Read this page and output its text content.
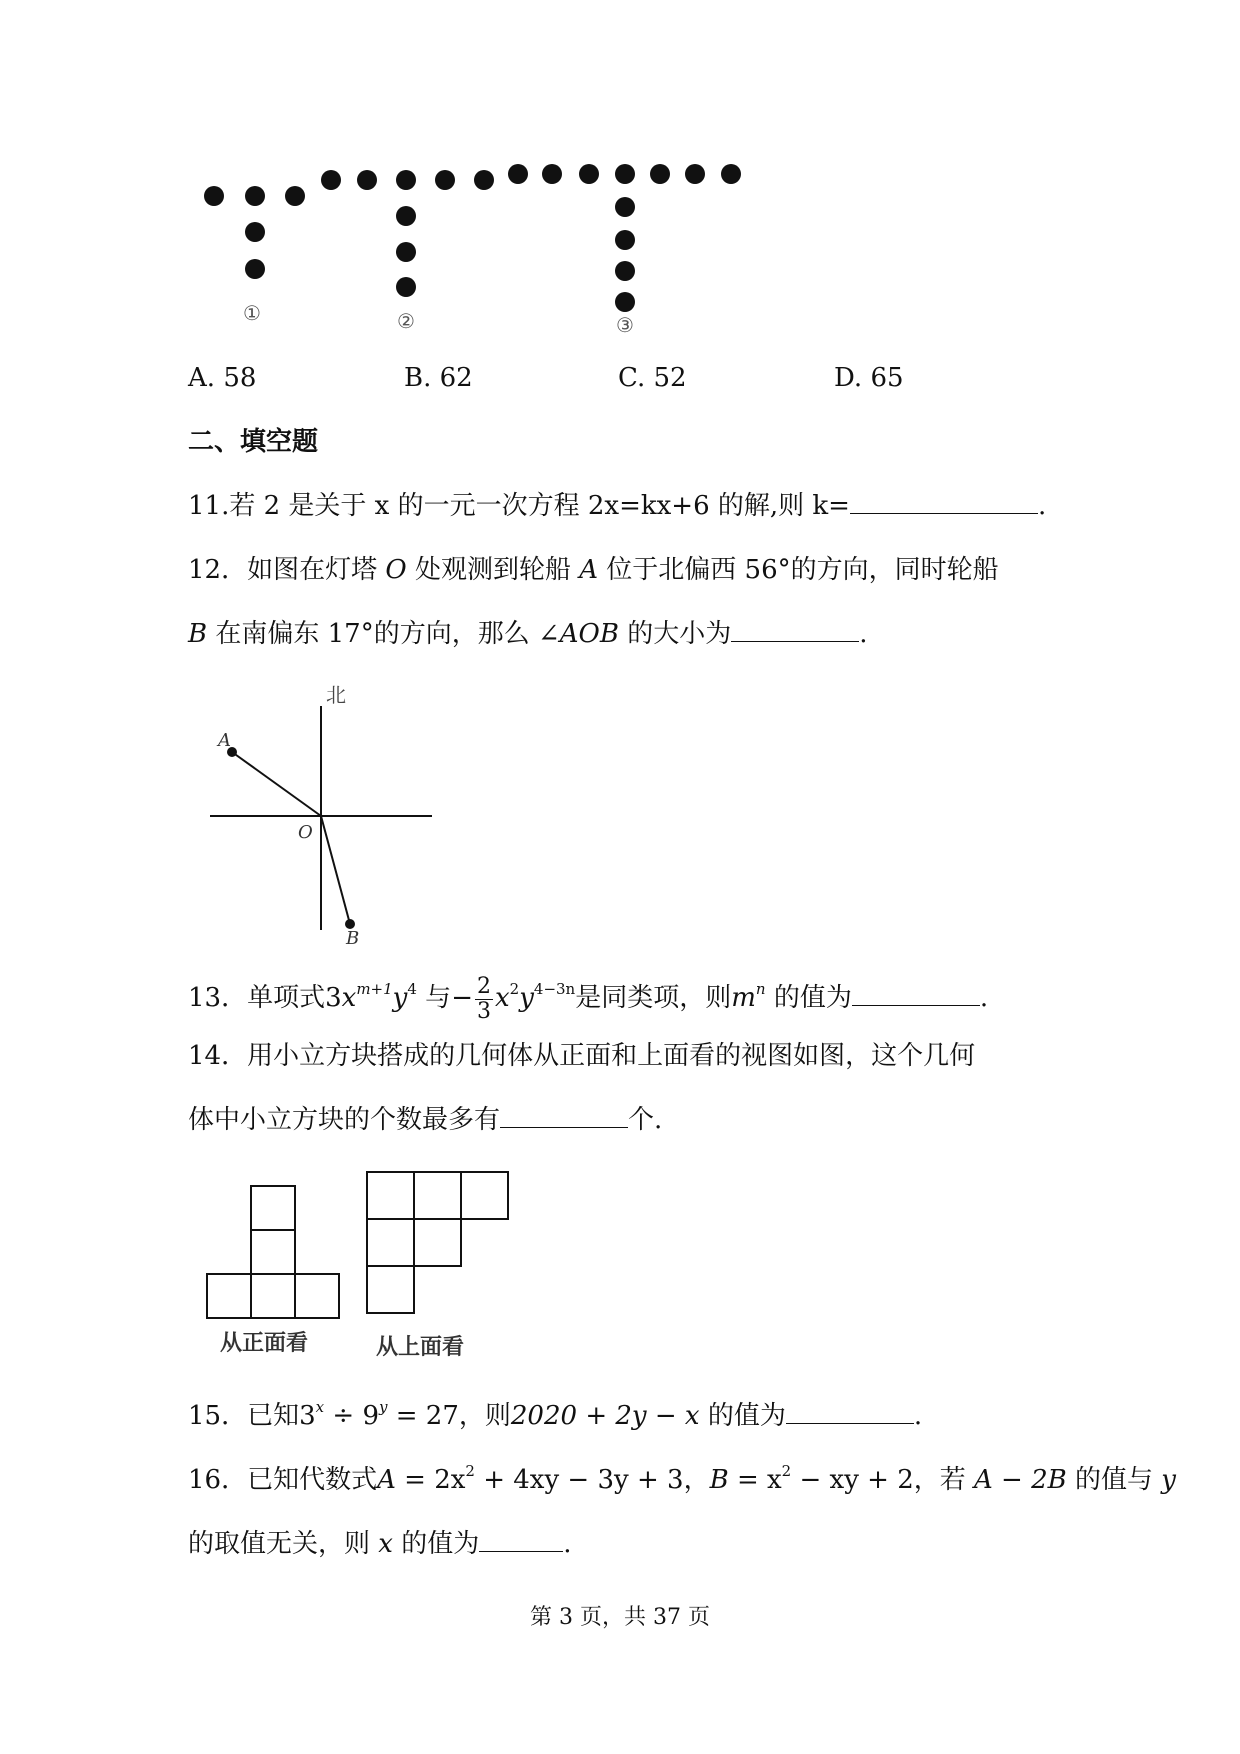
①	②	③
A. 58	B. 62	C. 52	D. 65
二、填空题
11.若 2 是关于 x 的一元一次方程 2x=kx+6 的解,则 k=	.
12．如图在灯塔 O 处观测到轮船 A 位于北偏西 56°的方向，同时轮船
B 在南偏东 17°的方向，那么 ∠AOB 的大小为	.
北
A
O
B
13．单项式$3x^{m+1}y^4$ 与− $\frac{2}{3} x^2y^{4-3n}$是同类项，则$m^n$ 的值为	.
14．用小立方块搭成的几何体从正面和上面看的视图如图，这个几何
体中小立方块的个数最多有	个.
从正面看	从上面看
15．已知$3^x \div 9^y = 27$，则2020 + 2y − x 的值为	.
16．已知代数式$A = 2x^2 + 4xy - 3y + 3$，$B = x^2$ − xy + 2，若 A − 2B 的值与 y
的取值无关，则 x 的值为	.
第 3 页，共 37 页
